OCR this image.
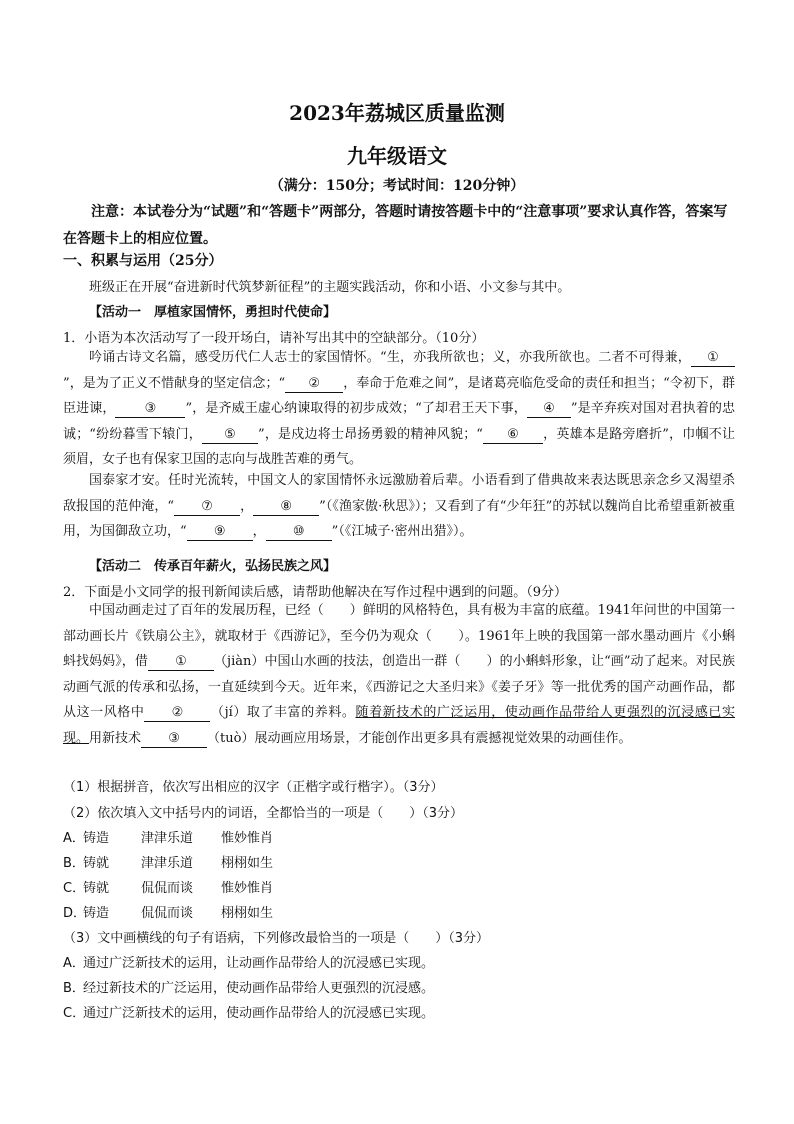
2023年荔城区质量监测
九年级语文
（满分：150分；考试时间：120分钟）

注意：本试卷分为“试题”和“答题卡”两部分，答题时请按答题卡中的“注意事项”要求认真作答，答案写在答题卡上的相应位置。

一、积累与运用（25分）
班级正在开展“奋进新时代筑梦新征程”的主题实践活动，你和小语、小文参与其中。
【活动一　厚植家国情怀，勇担时代使命】
1．小语为本次活动写了一段开场白，请补写出其中的空缺部分。（10分）

吟诵古诗文名篇，感受历代仁人志士的家国情怀。“生，亦我所欲也；义，亦我所欲也。二者不可得兼， ①”，是为了正义不惜献身的坚定信念；“ ② ，奉命于危难之间”，是诸葛亮临危受命的责任和担当；“令初下，群臣进谏， ③ ”，是齐威王虚心纳谏取得的初步成效；“了却君王天下事， ④ ”是辛弃疾对国对君执着的忠诚；“纷纷暮雪下辕门， ⑤ ”，是戍边将士昂扬勇毅的精神风貌；“ ⑥ ，英雄本是路旁磨折”，巾帼不让须眉，女子也有保家卫国的志向与战胜苦难的勇气。

国泰家才安。任时光流转，中国文人的家国情怀永远激励着后辈。小语看到了借典故来表达既思亲念乡又渴望杀敌报国的范仲淹，“ ⑦ ， ⑧ ”（《渔家傲·秋思》）；又看到了有“少年狂”的苏轼以魏尚自比希望重新被重用，为国御敌立功，“ ⑨ ， ⑩ ”（《江城子·密州出猎》）。

【活动二　传承百年薪火，弘扬民族之风】
2．下面是小文同学的报刊新闻读后感，请帮助他解决在写作过程中遇到的问题。（9分）

中国动画走过了百年的发展历程，已经（　　）鲜明的风格特色，具有极为丰富的底蕴。1941年问世的中国第一部动画长片《铁扇公主》，就取材于《西游记》，至今仍为观众（　　）。1961年上映的我国第一部水墨动画片《小蝌蚪找妈妈》，借 ① （jiàn）中国山水画的技法，创造出一群（　　）的小蝌蚪形象，让“画”动了起来。对民族动画气派的传承和弘扬，一直延续到今天。近年来，《西游记之大圣归来》《姜子牙》等一批优秀的国产动画作品，都从这一风格中 ② （jí）取了丰富的养料。随着新技术的广泛运用，使动画作品带给人更强烈的沉浸感已实现。用新技术 ③ （tuò）展动画应用场景，才能创作出更多具有震撼视觉效果的动画佳作。

（1）根据拼音，依次写出相应的汉字（正楷字或行楷字）。（3分）
（2）依次填入文中括号内的词语，全都恰当的一项是（　　）（3分）
A．铸造 津津乐道 惟妙惟肖
B．铸就 津津乐道 栩栩如生
C．铸就 侃侃而谈 惟妙惟肖
D．铸造 侃侃而谈 栩栩如生
（3）文中画横线的句子有语病，下列修改最恰当的一项是（　　）（3分）
A．通过广泛新技术的运用，让动画作品带给人的沉浸感已实现。
B．经过新技术的广泛运用，使动画作品带给人更强烈的沉浸感。
C．通过广泛新技术的运用，使动画作品带给人的沉浸感已实现。
